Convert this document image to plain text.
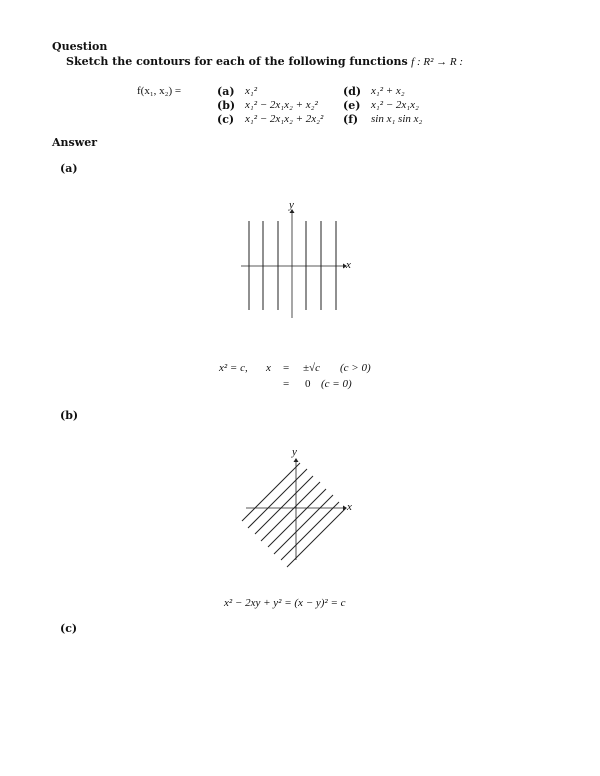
Question
Sketch the contours for each of the following functions f : R² → R :
f(x₁, x₂) =	(a) x₁²
(b) x₁² − 2x₁x₂ + x₂²
(c) x₁² − 2x₁x₂ + 2x₂²
(d) x₁² + x₂
(e) x₁² − 2x₁x₂
(f) sin x₁ sin x₂
Answer
(a)
x
y
x² = c, x = ±√c (c > 0)
= 0 (c = 0)
(b)
x
y
x² − 2xy + y² = (x − y)² = c
(c)
